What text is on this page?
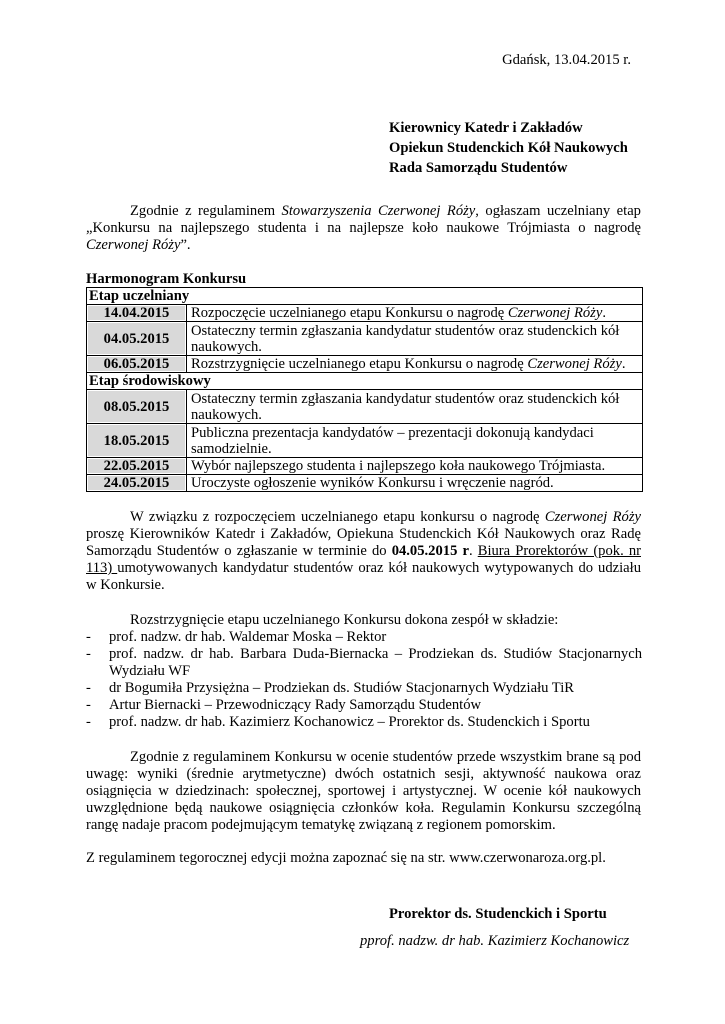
Gdańsk, 13.04.2015 r.
Kierownicy Katedr i Zakładów
Opiekun Studenckich Kół Naukowych
Rada Samorządu Studentów
Zgodnie z regulaminem Stowarzyszenia Czerwonej Róży, ogłaszam uczelniany etap „Konkursu na najlepszego studenta i na najlepsze koło naukowe Trójmiasta o nagrodę Czerwonej Róży”.
Harmonogram Konkursu
Etap uczelniany	
14.04.2015	Rozpoczęcie uczelnianego etapu Konkursu o nagrodę Czerwonej Róży.
04.05.2015	Ostateczny termin zgłaszania kandydatur studentów oraz studenckich kół naukowych.
06.05.2015	Rozstrzygnięcie uczelnianego etapu Konkursu o nagrodę Czerwonej Róży.
Etap środowiskowy	
08.05.2015	Ostateczny termin zgłaszania kandydatur studentów oraz studenckich kół naukowych.
18.05.2015	Publiczna prezentacja kandydatów – prezentacji dokonują kandydaci samodzielnie.
22.05.2015	Wybór najlepszego studenta i najlepszego koła naukowego Trójmiasta.
24.05.2015	Uroczyste ogłoszenie wyników Konkursu i wręczenie nagród.
W związku z rozpoczęciem uczelnianego etapu konkursu o nagrodę Czerwonej Róży proszę Kierowników Katedr i Zakładów, Opiekuna Studenckich Kół Naukowych oraz Radę Samorządu Studentów o zgłaszanie w terminie do 04.05.2015 r. Biura Prorektorów (pok. nr 113) umotywowanych kandydatur studentów oraz kół naukowych wytypowanych do udziału w Konkursie.
Rozstrzygnięcie etapu uczelnianego Konkursu dokona zespół w składzie:
-	prof. nadzw. dr hab. Waldemar Moska – Rektor
-	prof. nadzw. dr hab. Barbara Duda-Biernacka – Prodziekan ds. Studiów Stacjonarnych Wydziału WF
-	dr Bogumiła Przysiężna – Prodziekan ds. Studiów Stacjonarnych Wydziału TiR
-	Artur Biernacki – Przewodniczący Rady Samorządu Studentów
-	prof. nadzw. dr hab. Kazimierz Kochanowicz – Prorektor ds. Studenckich i Sportu
Zgodnie z regulaminem Konkursu w ocenie studentów przede wszystkim brane są pod uwagę: wyniki (średnie arytmetyczne) dwóch ostatnich sesji, aktywność naukowa oraz osiągnięcia w dziedzinach: społecznej, sportowej i artystycznej. W ocenie kół naukowych uwzględnione będą naukowe osiągnięcia członków koła. Regulamin Konkursu szczególną rangę nadaje pracom podejmującym tematykę związaną z regionem pomorskim.
Z regulaminem tegorocznej edycji można zapoznać się na str. www.czerwonaroza.org.pl.
Prorektor ds. Studenckich i Sportu
pprof. nadzw. dr hab. Kazimierz Kochanowicz
